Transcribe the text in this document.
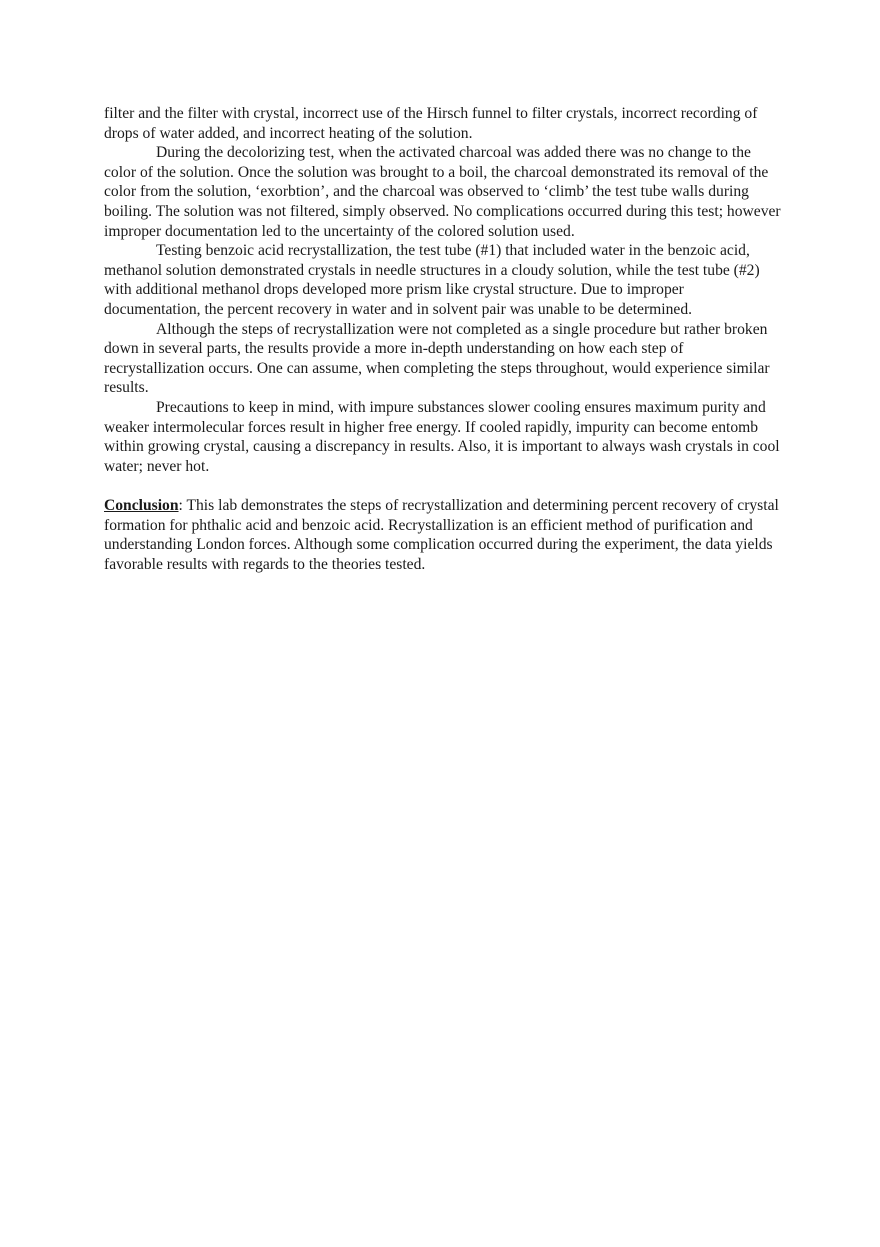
filter and the filter with crystal, incorrect use of the Hirsch funnel to filter crystals, incorrect recording of drops of water added, and incorrect heating of the solution.

During the decolorizing test, when the activated charcoal was added there was no change to the color of the solution. Once the solution was brought to a boil, the charcoal demonstrated its removal of the color from the solution, ‘exorbtion’, and the charcoal was observed to ‘climb’ the test tube walls during boiling. The solution was not filtered, simply observed. No complications occurred during this test; however improper documentation led to the uncertainty of the colored solution used.

Testing benzoic acid recrystallization, the test tube (#1) that included water in the benzoic acid, methanol solution demonstrated crystals in needle structures in a cloudy solution, while the test tube (#2) with additional methanol drops developed more prism like crystal structure. Due to improper documentation, the percent recovery in water and in solvent pair was unable to be determined.

Although the steps of recrystallization were not completed as a single procedure but rather broken down in several parts, the results provide a more in-depth understanding on how each step of recrystallization occurs. One can assume, when completing the steps throughout, would experience similar results.

Precautions to keep in mind, with impure substances slower cooling ensures maximum purity and weaker intermolecular forces result in higher free energy. If cooled rapidly, impurity can become entomb within growing crystal, causing a discrepancy in results. Also, it is important to always wash crystals in cool water; never hot.

Conclusion: This lab demonstrates the steps of recrystallization and determining percent recovery of crystal formation for phthalic acid and benzoic acid. Recrystallization is an efficient method of purification and understanding London forces. Although some complication occurred during the experiment, the data yields favorable results with regards to the theories tested.
